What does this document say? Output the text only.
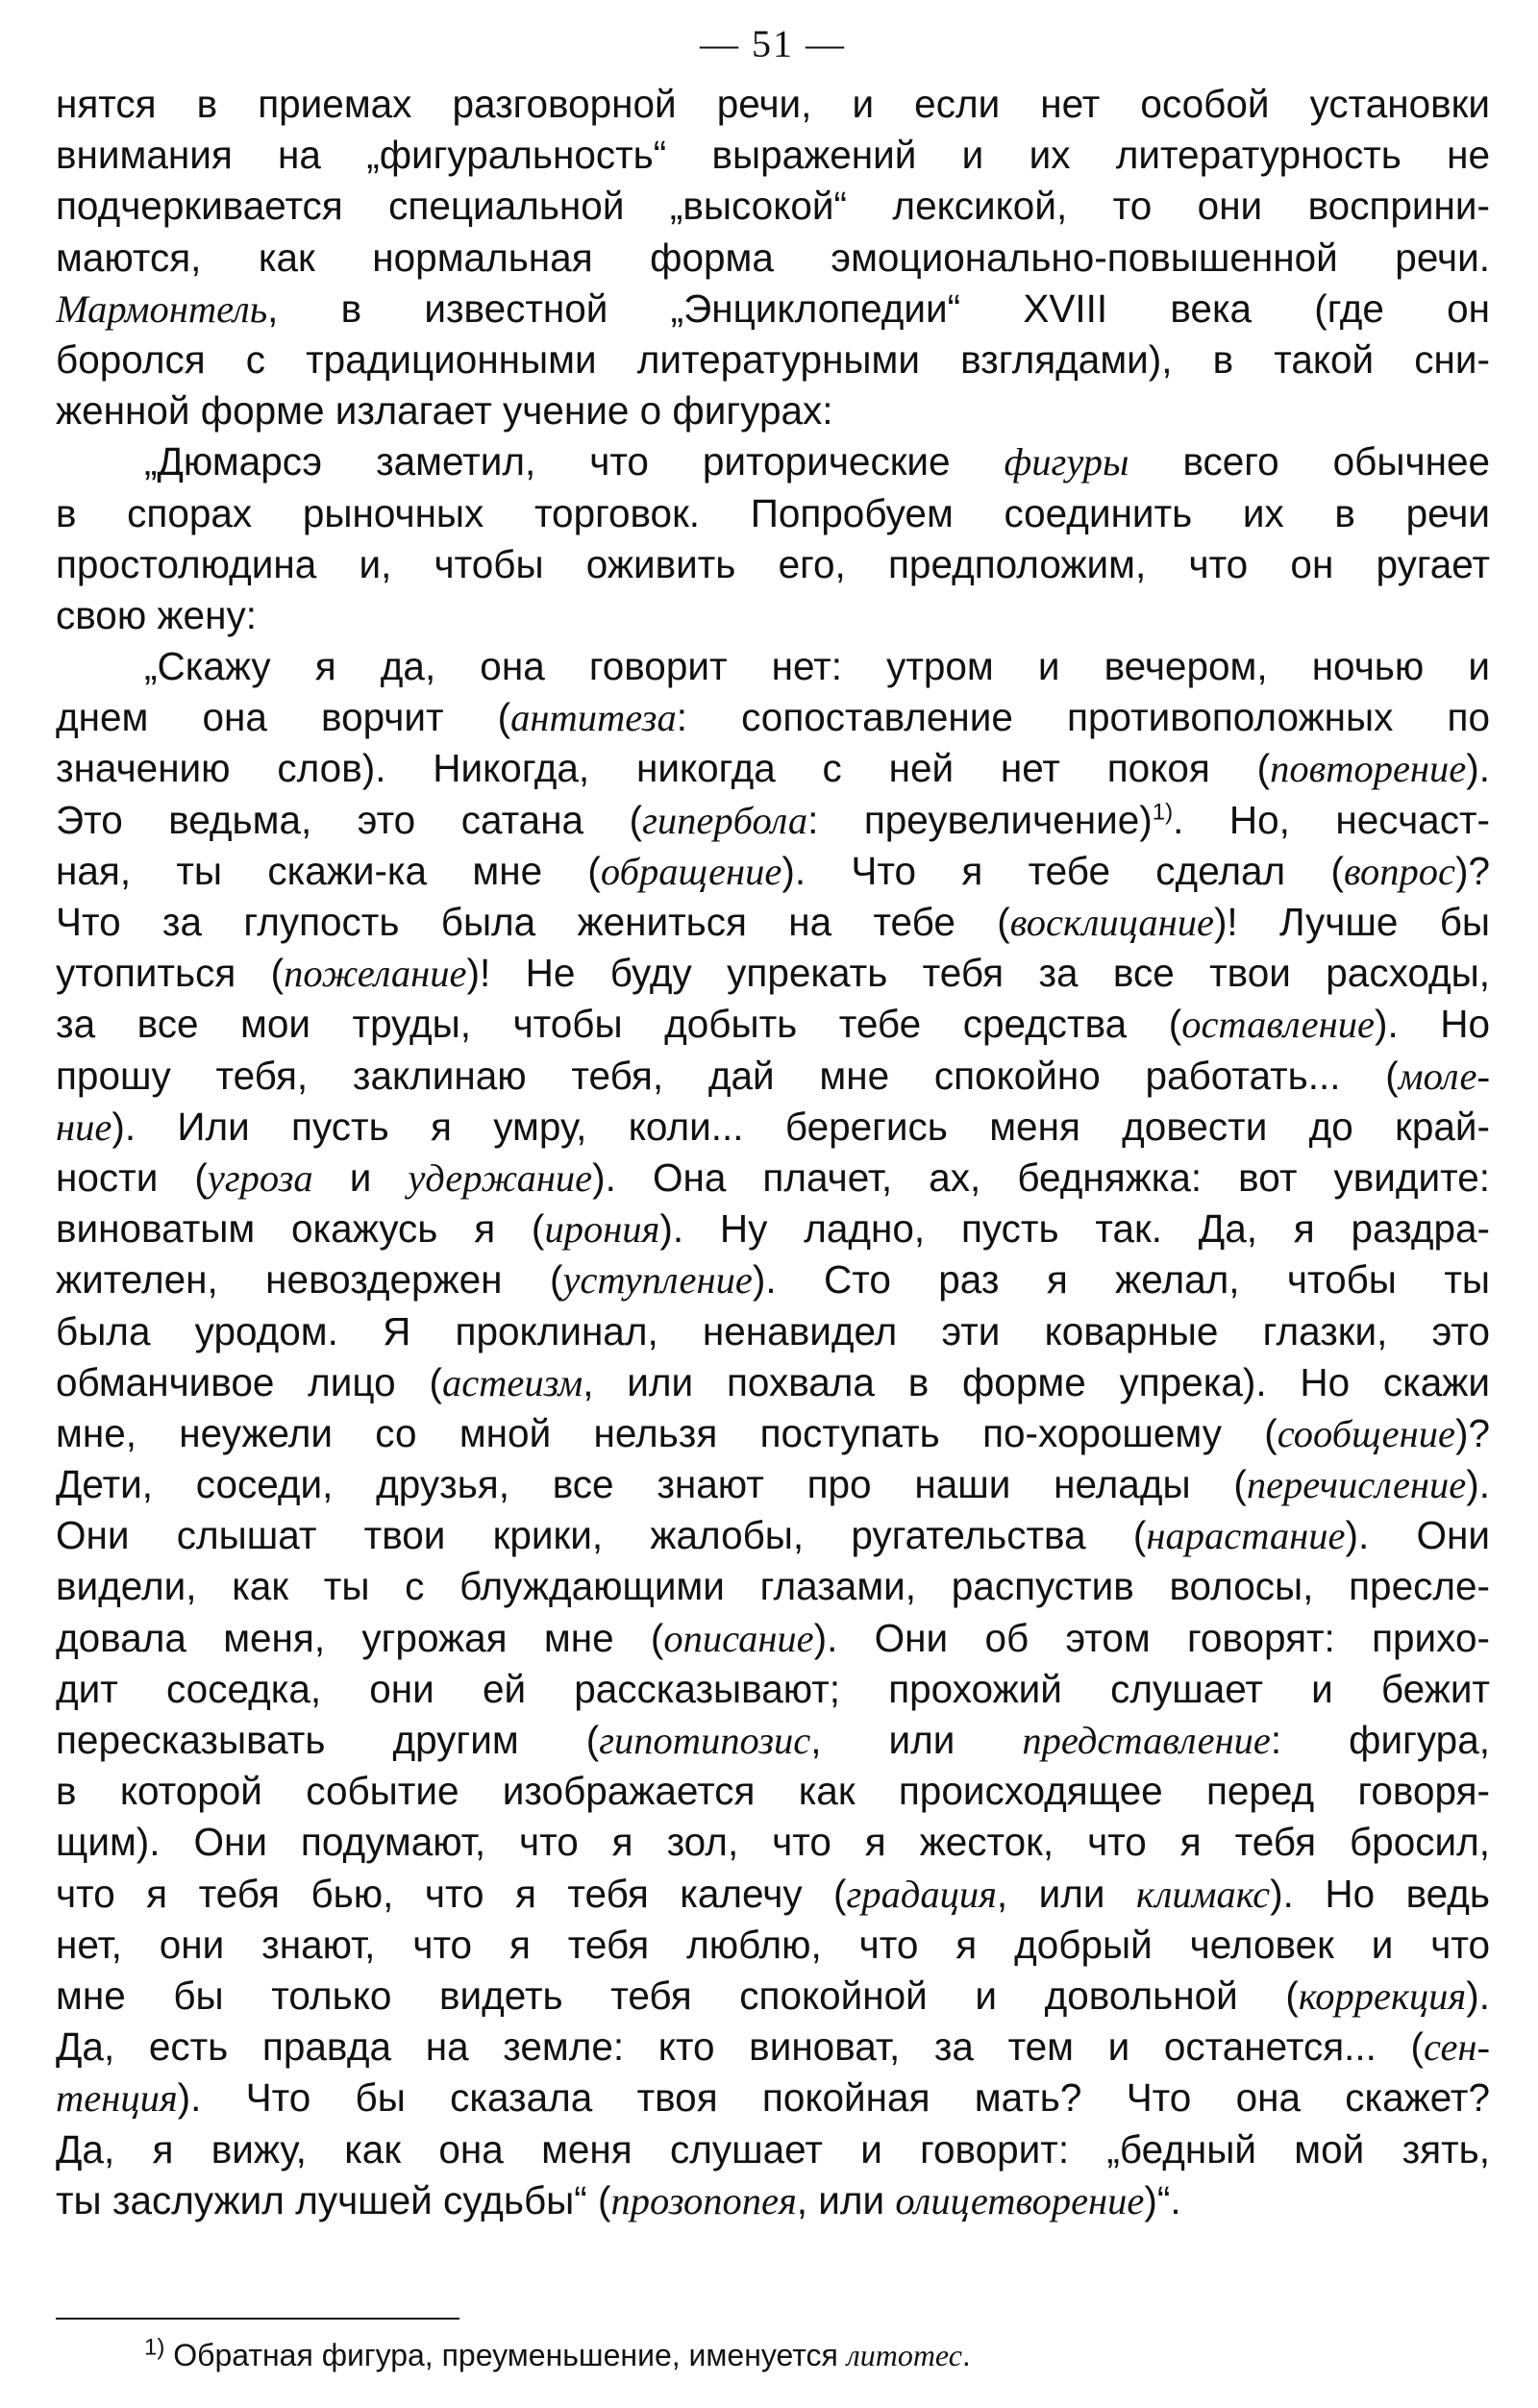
— 51 —
нятся в приемах разговорной речи, и если нет особой установки
внимания на „фигуральность“ выражений и их литературность не
подчеркивается специальной „высокой“ лексикой, то они восприни-
маются, как нормальная форма эмоционально-повышенной речи.
Мармонтель, в известной „Энциклопедии“ XVIII века (где он
боролся с традиционными литературными взглядами), в такой сни-
женной форме излагает учение о фигурах:
„Дюмарсэ заметил, что риторические фигуры всего обычнее
в спорах рыночных торговок. Попробуем соединить их в речи
простолюдина и, чтобы оживить его, предположим, что он ругает
свою жену:
„Скажу я да, она говорит нет: утром и вечером, ночью и
днем она ворчит (антитеза: сопоставление противоположных по
значению слов). Никогда, никогда с ней нет покоя (повторение).
Это ведьма, это сатана (гипербола: преувеличение)$^{1)}$. Но, несчаст-
ная, ты скажи-ка мне (обращение). Что я тебе сделал (вопрос)?
Что за глупость была жениться на тебе (восклицание)! Лучше бы
утопиться (пожелание)! Не буду упрекать тебя за все твои расходы,
за все мои труды, чтобы добыть тебе средства (оставление). Но
прошу тебя, заклинаю тебя, дай мне спокойно работать... (моле-
ние). Или пусть я умру, коли... берегись меня довести до край-
ности (угроза и удержание). Она плачет, ах, бедняжка: вот увидите:
виноватым окажусь я (ирония). Ну ладно, пусть так. Да, я раздра-
жителен, невоздержен (уступление). Сто раз я желал, чтобы ты
была уродом. Я проклинал, ненавидел эти коварные глазки, это
обманчивое лицо (астеизм, или похвала в форме упрека). Но скажи
мне, неужели со мной нельзя поступать по-хорошему (сообщение)?
Дети, соседи, друзья, все знают про наши нелады (перечисление).
Они слышат твои крики, жалобы, ругательства (нарастание). Они
видели, как ты с блуждающими глазами, распустив волосы, пресле-
довала меня, угрожая мне (описание). Они об этом говорят: прихо-
дит соседка, они ей рассказывают; прохожий слушает и бежит
пересказывать другим (гипотипозис, или представление: фигура,
в которой событие изображается как происходящее перед говоря-
щим). Они подумают, что я зол, что я жесток, что я тебя бросил,
что я тебя бью, что я тебя калечу (градация, или климакс). Но ведь
нет, они знают, что я тебя люблю, что я добрый человек и что
мне бы только видеть тебя спокойной и довольной (коррекция).
Да, есть правда на земле: кто виноват, за тем и останется... (сен-
тенция). Что бы сказала твоя покойная мать? Что она скажет?
Да, я вижу, как она меня слушает и говорит: „бедный мой зять,
ты заслужил лучшей судьбы“ (прозопопея, или олицетворение)“.
$^{1)}$ Обратная фигура, преуменьшение, именуется литотес.
